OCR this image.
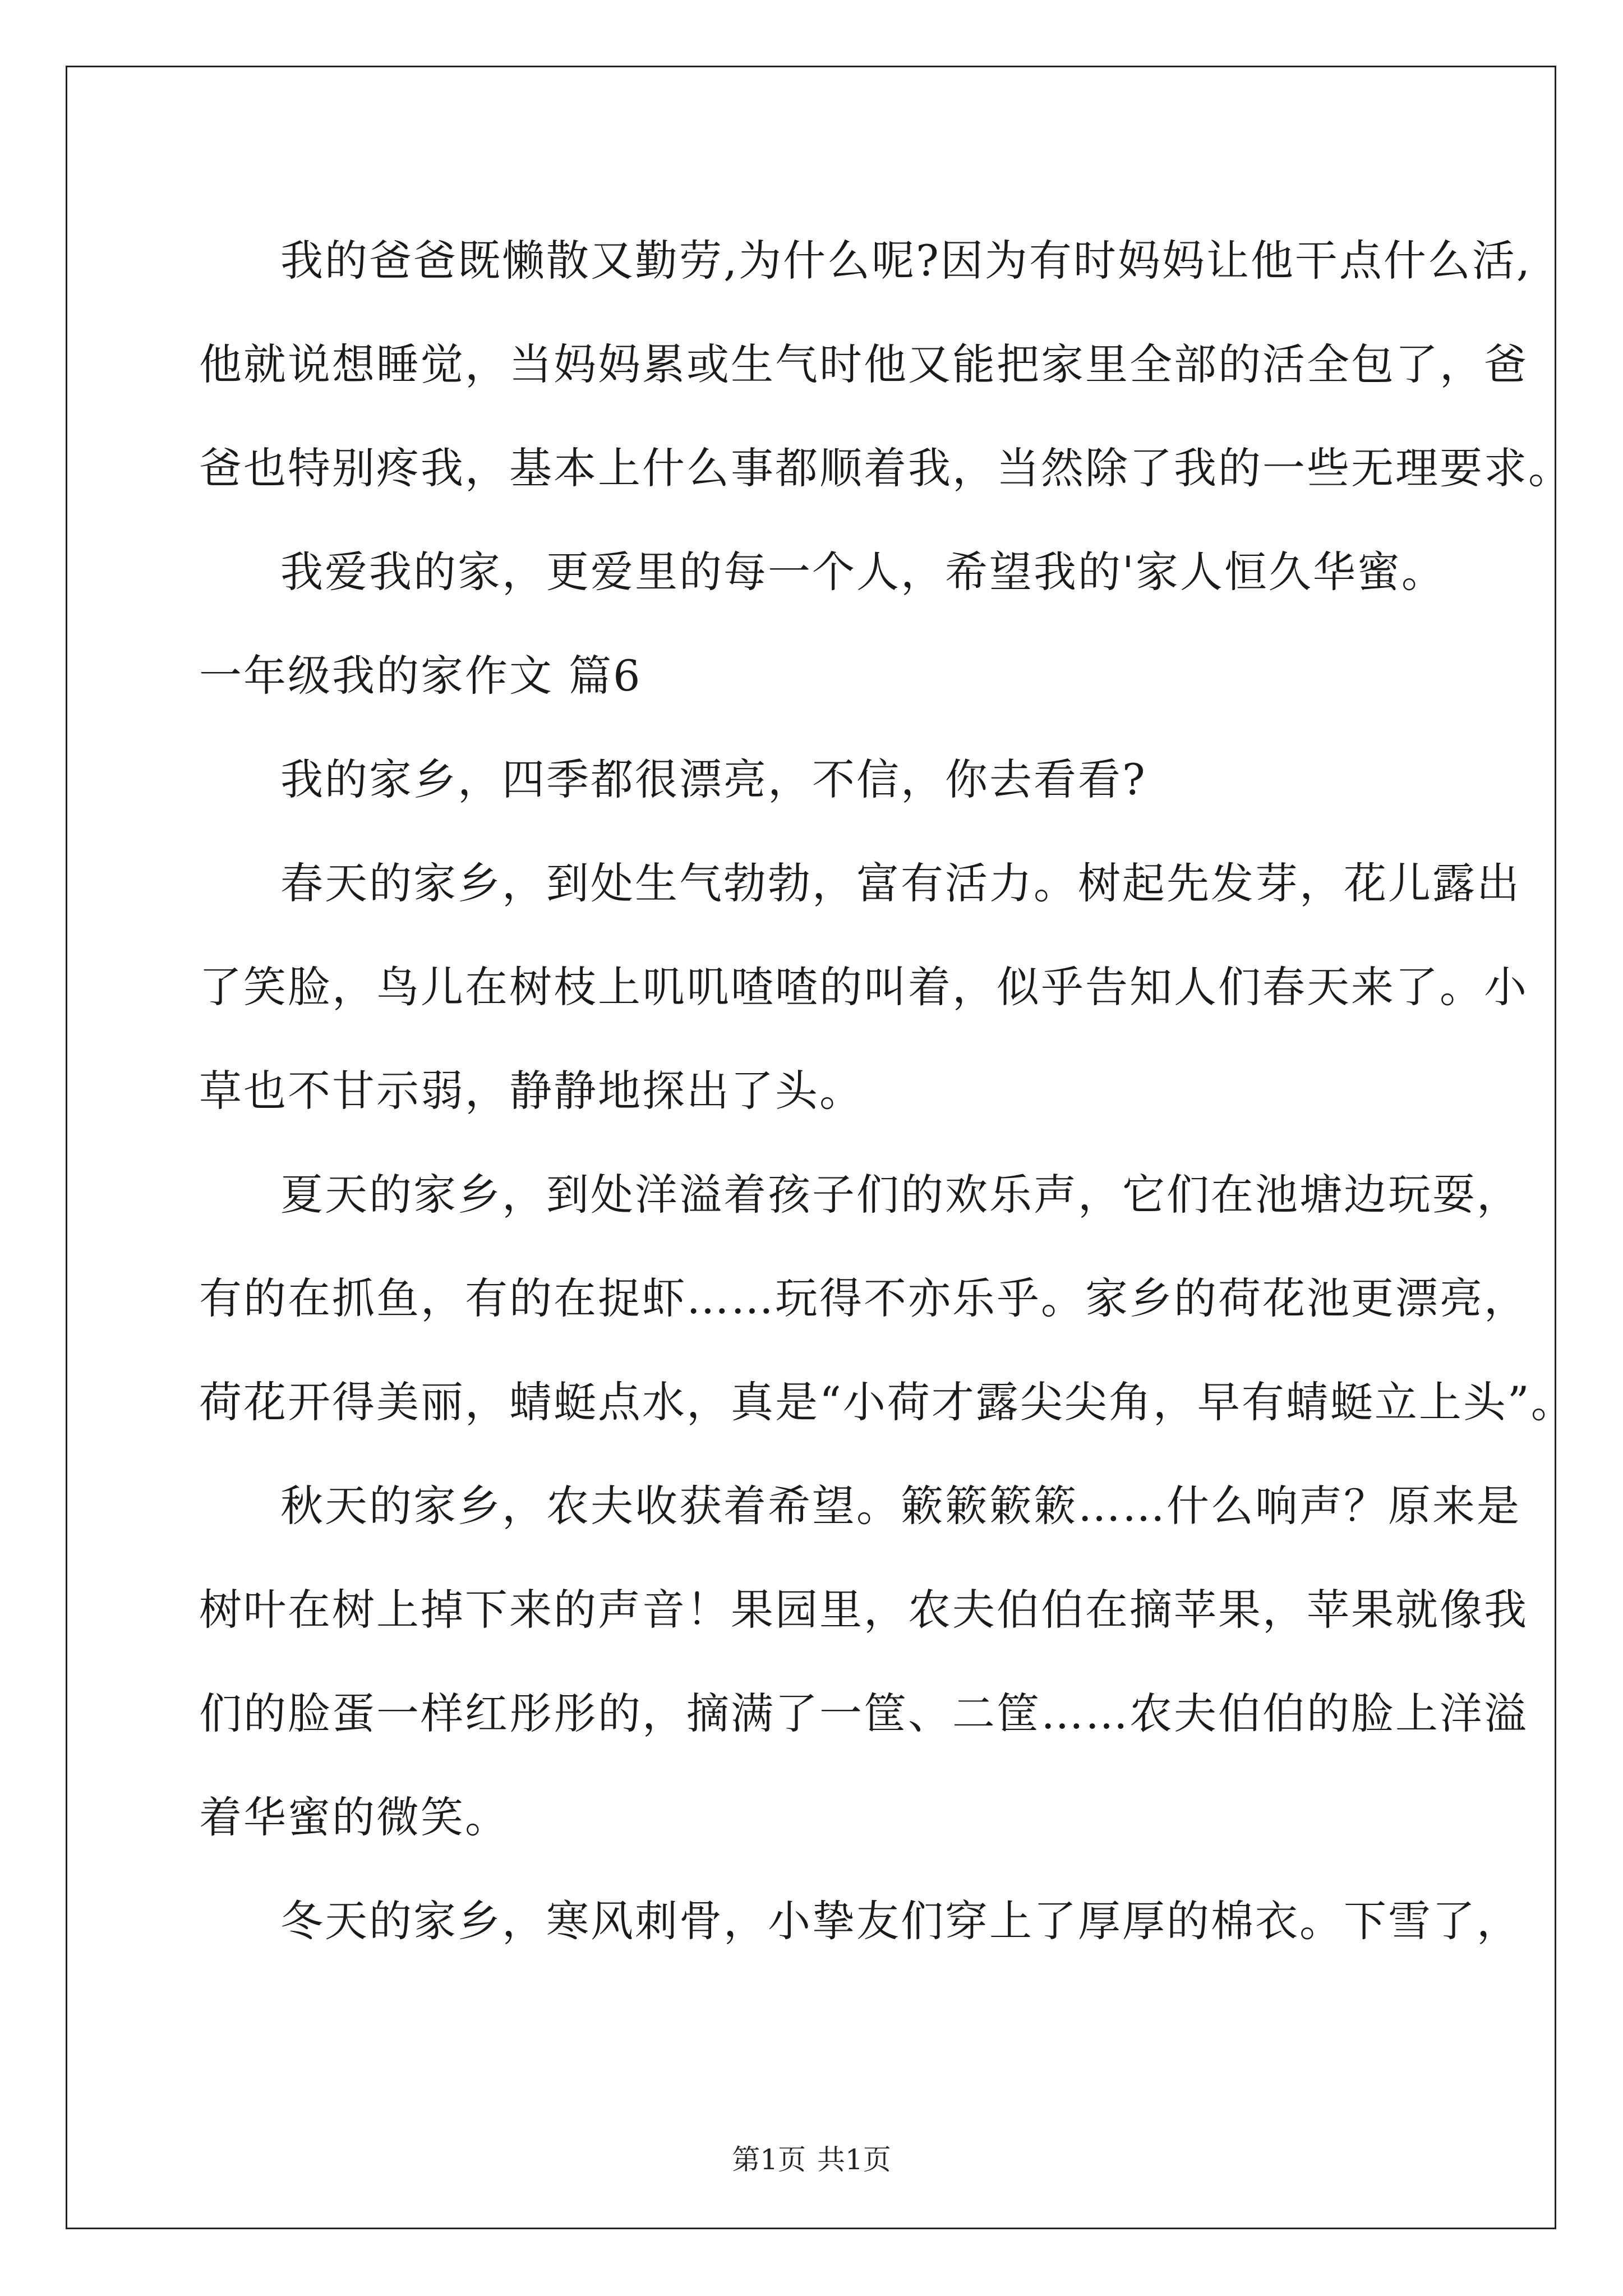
我的爸爸既懒散又勤劳,为什么呢?因为有时妈妈让他干点什么活,
他就说想睡觉，当妈妈累或生气时他又能把家里全部的活全包了，爸
爸也特别疼我，基本上什么事都顺着我，当然除了我的一些无理要求。
我爱我的家，更爱里的每一个人，希望我的'家人恒久华蜜。
一年级我的家作文 篇6
我的家乡，四季都很漂亮，不信，你去看看?
春天的家乡，到处生气勃勃，富有活力。树起先发芽，花儿露出
了笑脸，鸟儿在树枝上叽叽喳喳的叫着，似乎告知人们春天来了。小
草也不甘示弱，静静地探出了头。
夏天的家乡，到处洋溢着孩子们的欢乐声，它们在池塘边玩耍，
有的在抓鱼，有的在捉虾……玩得不亦乐乎。家乡的荷花池更漂亮，
荷花开得美丽，蜻蜓点水，真是“小荷才露尖尖角，早有蜻蜓立上头”。
秋天的家乡，农夫收获着希望。簌簌簌簌……什么响声？原来是
树叶在树上掉下来的声音！果园里，农夫伯伯在摘苹果，苹果就像我
们的脸蛋一样红彤彤的，摘满了一筐、二筐……农夫伯伯的脸上洋溢
着华蜜的微笑。
冬天的家乡，寒风刺骨，小挚友们穿上了厚厚的棉衣。下雪了，
第1页 共1页
